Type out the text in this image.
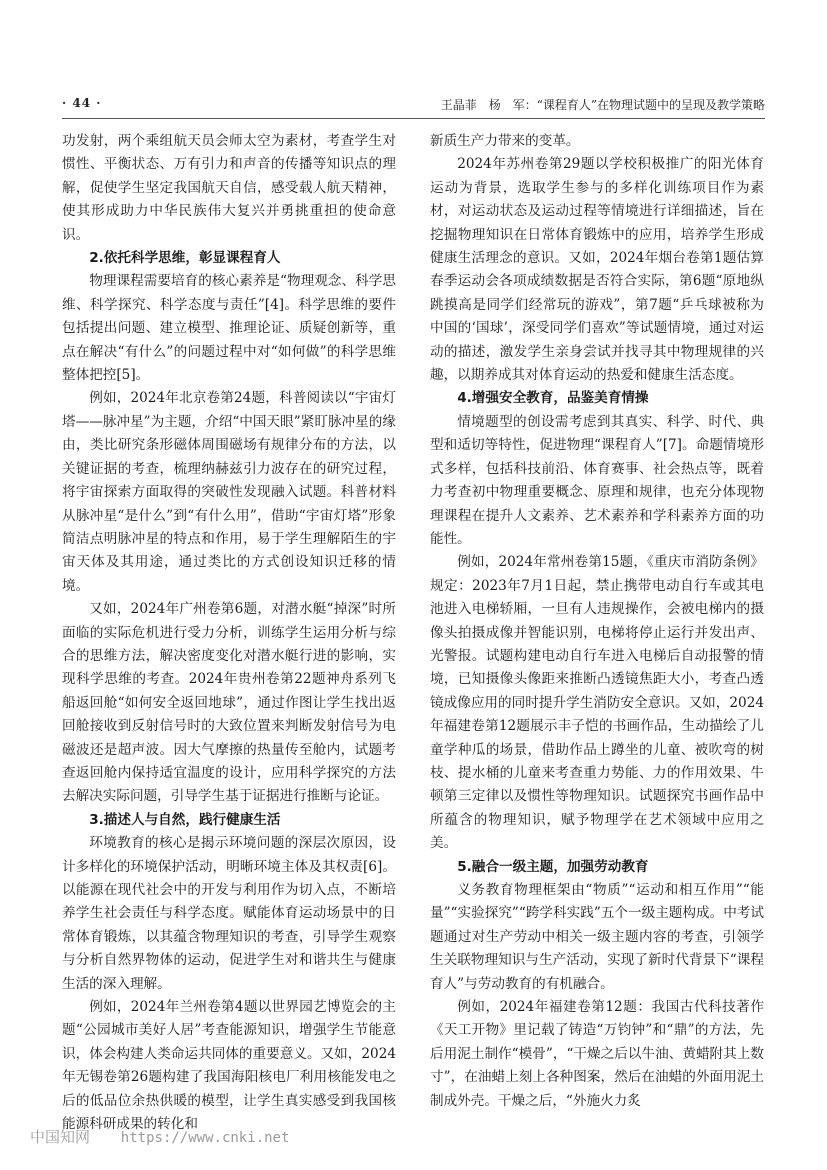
· 44 ·	王晶菲　杨　军：“课程育人”在物理试题中的呈现及教学策略

功发射，两个乘组航天员会师太空为素材，考查学生对惯性、平衡状态、万有引力和声音的传播等知识点的理解，促使学生坚定我国航天自信，感受载人航天精神，使其形成助力中华民族伟大复兴并勇挑重担的使命意识。

2.依托科学思维，彰显课程育人

物理课程需要培育的核心素养是“物理观念、科学思维、科学探究、科学态度与责任”[4]。科学思维的要件包括提出问题、建立模型、推理论证、质疑创新等，重点在解决“有什么”的问题过程中对“如何做”的科学思维整体把控[5]。

例如，2024年北京卷第24题，科普阅读以“宇宙灯塔——脉冲星”为主题，介绍“中国天眼”紧盯脉冲星的缘由，类比研究条形磁体周围磁场有规律分布的方法，以关键证据的考查，梳理纳赫兹引力波存在的研究过程，将宇宙探索方面取得的突破性发现融入试题。科普材料从脉冲星“是什么”到“有什么用”，借助“宇宙灯塔”形象简洁点明脉冲星的特点和作用，易于学生理解陌生的宇宙天体及其用途，通过类比的方式创设知识迁移的情境。

又如，2024年广州卷第6题，对潜水艇“掉深”时所面临的实际危机进行受力分析，训练学生运用分析与综合的思维方法，解决密度变化对潜水艇行进的影响，实现科学思维的考查。2024年贵州卷第22题神舟系列飞船返回舱“如何安全返回地球”，通过作图让学生找出返回舱接收到反射信号时的大致位置来判断发射信号为电磁波还是超声波。因大气摩擦的热量传至舱内，试题考查返回舱内保持适宜温度的设计，应用科学探究的方法去解决实际问题，引导学生基于证据进行推断与论证。

3.描述人与自然，践行健康生活

环境教育的核心是揭示环境问题的深层次原因，设计多样化的环境保护活动，明晰环境主体及其权责[6]。以能源在现代社会中的开发与利用作为切入点，不断培养学生社会责任与科学态度。赋能体育运动场景中的日常体育锻炼，以其蕴含物理知识的考查，引导学生观察与分析自然界物体的运动，促进学生对和谐共生与健康生活的深入理解。

例如，2024年兰州卷第4题以世界园艺博览会的主题“公园城市美好人居”考查能源知识，增强学生节能意识，体会构建人类命运共同体的重要意义。又如，2024年无锡卷第26题构建了我国海阳核电厂利用核能发电之后的低品位余热供暖的模型，让学生真实感受到我国核能源科研成果的转化和

新质生产力带来的变革。

2024年苏州卷第29题以学校积极推广的阳光体育运动为背景，选取学生参与的多样化训练项目作为素材，对运动状态及运动过程等情境进行详细描述，旨在挖掘物理知识在日常体育锻炼中的应用，培养学生形成健康生活理念的意识。又如，2024年烟台卷第1题估算春季运动会各项成绩数据是否符合实际，第6题“原地纵跳摸高是同学们经常玩的游戏”，第7题“乒乓球被称为中国的‘国球’，深受同学们喜欢”等试题情境，通过对运动的描述，激发学生亲身尝试并找寻其中物理规律的兴趣，以期养成其对体育运动的热爱和健康生活态度。

4.增强安全教育，品鉴美育情操

情境题型的创设需考虑到其真实、科学、时代、典型和适切等特性，促进物理“课程育人”[7]。命题情境形式多样，包括科技前沿、体育赛事、社会热点等，既着力考查初中物理重要概念、原理和规律，也充分体现物理课程在提升人文素养、艺术素养和学科素养方面的功能性。

例如，2024年常州卷第15题，《重庆市消防条例》规定：2023年7月1日起，禁止携带电动自行车或其电池进入电梯轿厢，一旦有人违规操作，会被电梯内的摄像头拍摄成像并智能识别，电梯将停止运行并发出声、光警报。试题构建电动自行车进入电梯后自动报警的情境，已知摄像头像距来推断凸透镜焦距大小，考查凸透镜成像应用的同时提升学生消防安全意识。又如，2024年福建卷第12题展示丰子恺的书画作品，生动描绘了儿童学种瓜的场景，借助作品上蹲坐的儿童、被吹弯的树枝、提水桶的儿童来考查重力势能、力的作用效果、牛顿第三定律以及惯性等物理知识。试题探究书画作品中所蕴含的物理知识，赋予物理学在艺术领域中应用之美。

5.融合一级主题，加强劳动教育

义务教育物理框架由“物质”“运动和相互作用”“能量”“实验探究”“跨学科实践”五个一级主题构成。中考试题通过对生产劳动中相关一级主题内容的考查，引领学生关联物理知识与生产活动，实现了新时代背景下“课程育人”与劳动教育的有机融合。

例如，2024年福建卷第12题：我国古代科技著作《天工开物》里记载了铸造“万钧钟”和“鼎”的方法，先后用泥土制作“模骨”，“干燥之后以牛油、黄蜡附其上数寸”，在油蜡上刻上各种图案，然后在油蜡的外面用泥土制成外壳。干燥之后，“外施火力炙

中国知网 https://www.cnki.net
